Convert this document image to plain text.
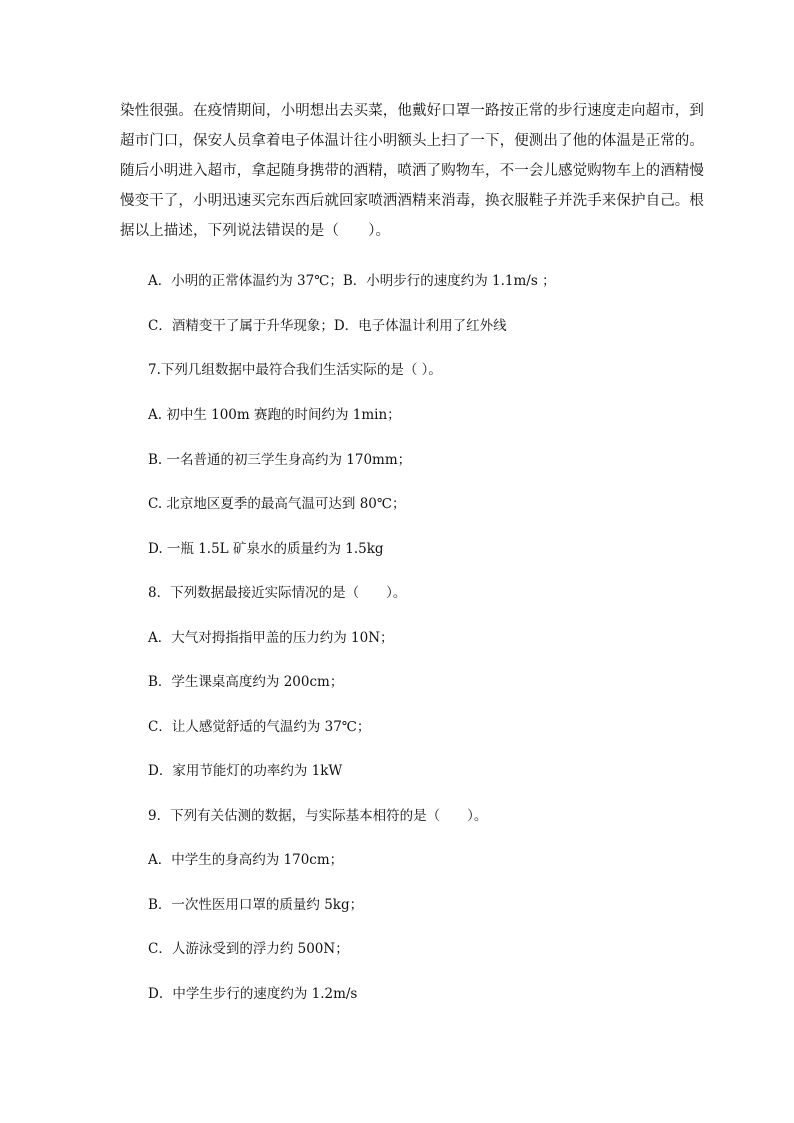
染性很强。在疫情期间，小明想出去买菜，他戴好口罩一路按正常的步行速度走向超市，到
超市门口，保安人员拿着电子体温计往小明额头上扫了一下，便测出了他的体温是正常的。
随后小明进入超市，拿起随身携带的酒精，喷洒了购物车，不一会儿感觉购物车上的酒精慢
慢变干了，小明迅速买完东西后就回家喷洒酒精来消毒，换衣服鞋子并洗手来保护自己。根
据以上描述，下列说法错误的是（　　）。
A．小明的正常体温约为 37℃；B．小明步行的速度约为 1.1m/s ；
C．酒精变干了属于升华现象；D．电子体温计利用了红外线
7.下列几组数据中最符合我们生活实际的是（ ）。
A. 初中生 100m 赛跑的时间约为 1min；
B. 一名普通的初三学生身高约为 170mm；
C. 北京地区夏季的最高气温可达到 80℃；
D. 一瓶 1.5L 矿泉水的质量约为 1.5kg
8．下列数据最接近实际情况的是（　　）。
A．大气对拇指指甲盖的压力约为 10N；
B．学生课桌高度约为 200cm；
C．让人感觉舒适的气温约为 37℃；
D．家用节能灯的功率约为 1kW
9．下列有关估测的数据，与实际基本相符的是（　　）。
A．中学生的身高约为 170cm；
B．一次性医用口罩的质量约 5kg；
C．人游泳受到的浮力约 500N；
D．中学生步行的速度约为 1.2m/s
